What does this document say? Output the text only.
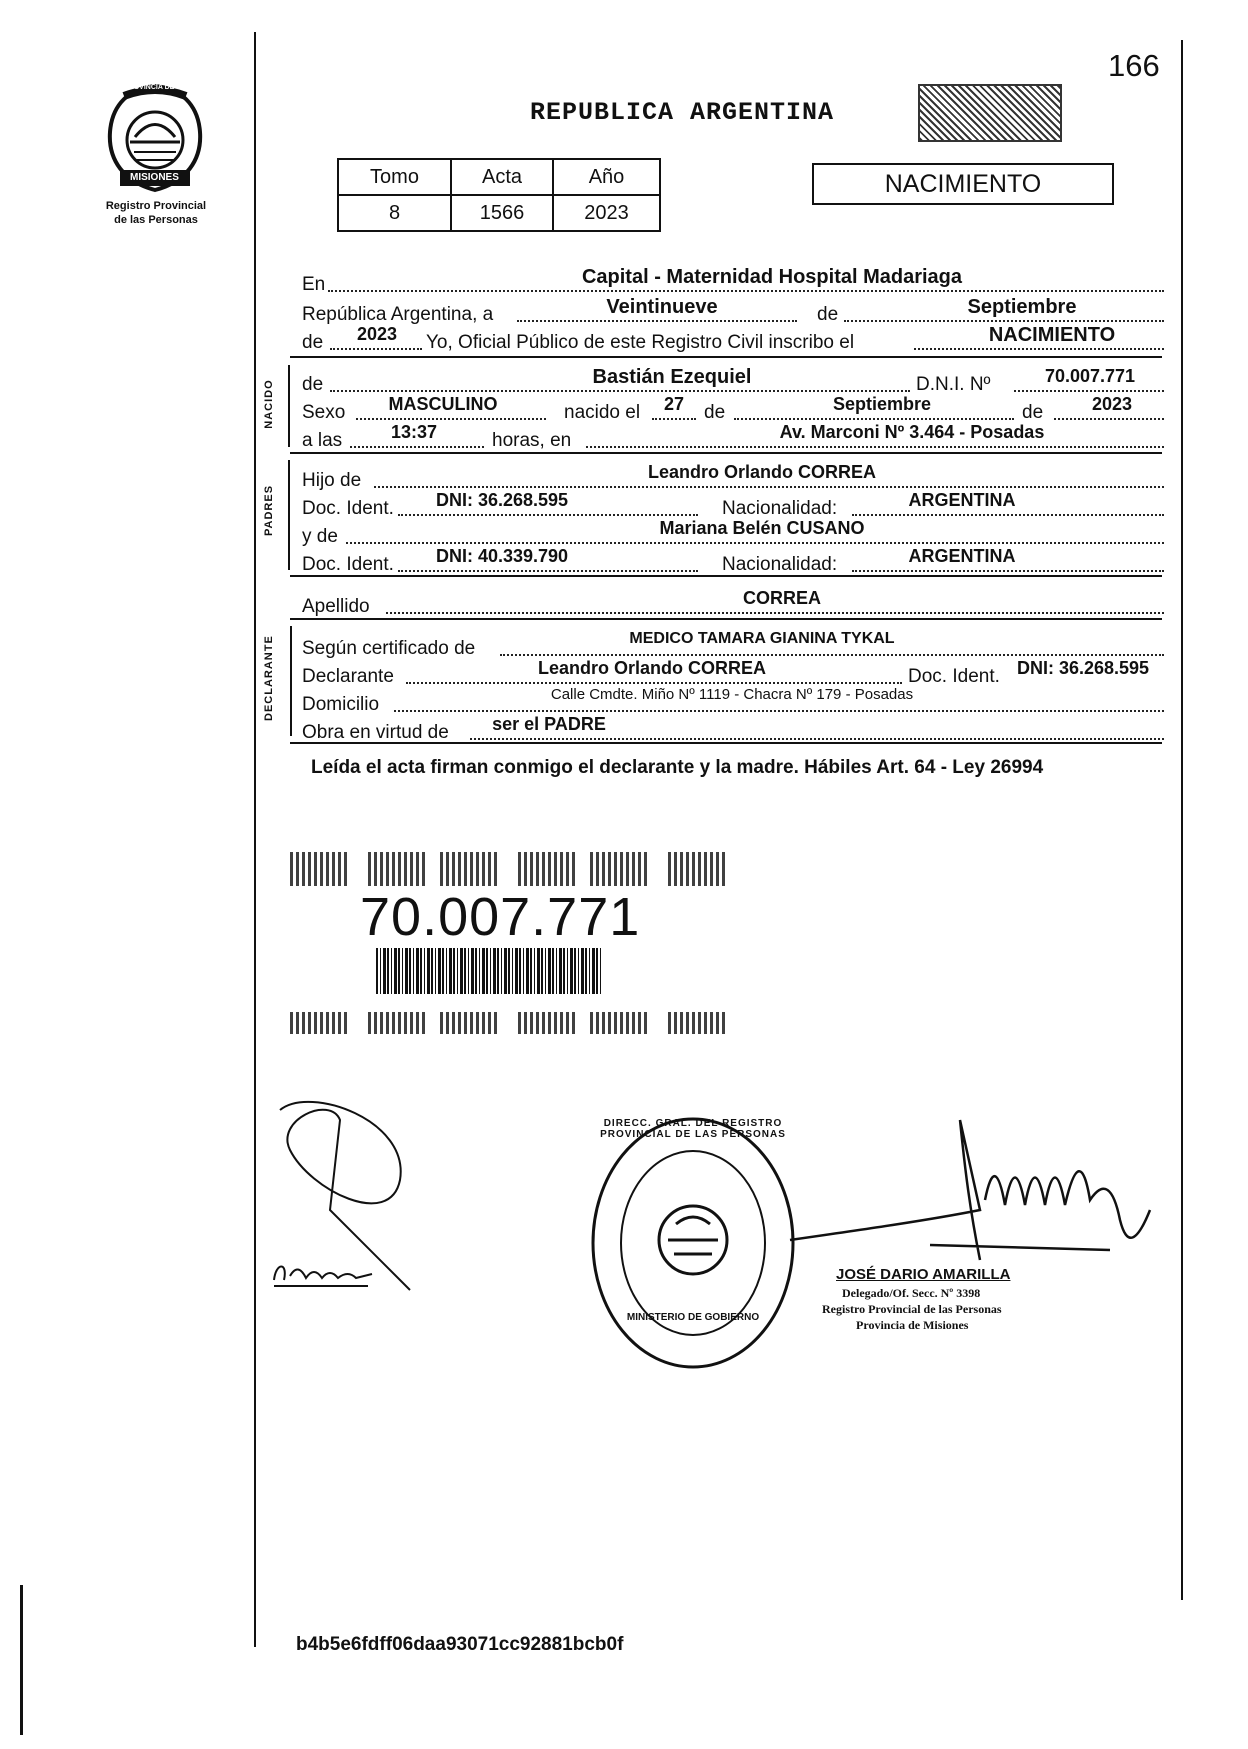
166
PROVINCIA DE
MISIONES
Registro Provincial
de las Personas
REPUBLICA ARGENTINA
Tomo	Acta	Año
8	1566	2023
NACIMIENTO
NACIDO
PADRES
DECLARANTE
En	Capital - Maternidad Hospital Madariaga
República Argentina, a	Veintinueve	de	Septiembre
de	2023	Yo, Oficial Público de este Registro Civil inscribo el	NACIMIENTO
de	Bastián Ezequiel	D.N.I. Nº	70.007.771
Sexo	MASCULINO	nacido el	27	de	Septiembre	de	2023
a las	13:37	horas, en	Av. Marconi Nº 3.464 - Posadas
Hijo de	Leandro Orlando CORREA
Doc. Ident.	DNI: 36.268.595	Nacionalidad:	ARGENTINA
y de	Mariana Belén CUSANO
Doc. Ident.	DNI: 40.339.790	Nacionalidad:	ARGENTINA
Apellido	CORREA
Según certificado de	MEDICO TAMARA GIANINA TYKAL
Declarante	Leandro Orlando CORREA	Doc. Ident. DNI: 36.268.595
Domicilio	Calle Cmdte. Miño Nº 1119 - Chacra Nº 179 - Posadas
Obra en virtud de	ser el PADRE
Leída el acta firman conmigo el declarante y la madre. Hábiles Art. 64 - Ley 26994
70.007.771
DIRECC. GRAL. DEL REGISTRO PROVINCIAL DE LAS PERSONAS
MINISTERIO DE GOBIERNO
JOSÉ DARIO AMARILLA
Delegado/Of. Secc. Nº 3398
Registro Provincial de las Personas
Provincia de Misiones
b4b5e6fdff06daa93071cc92881bcb0f
